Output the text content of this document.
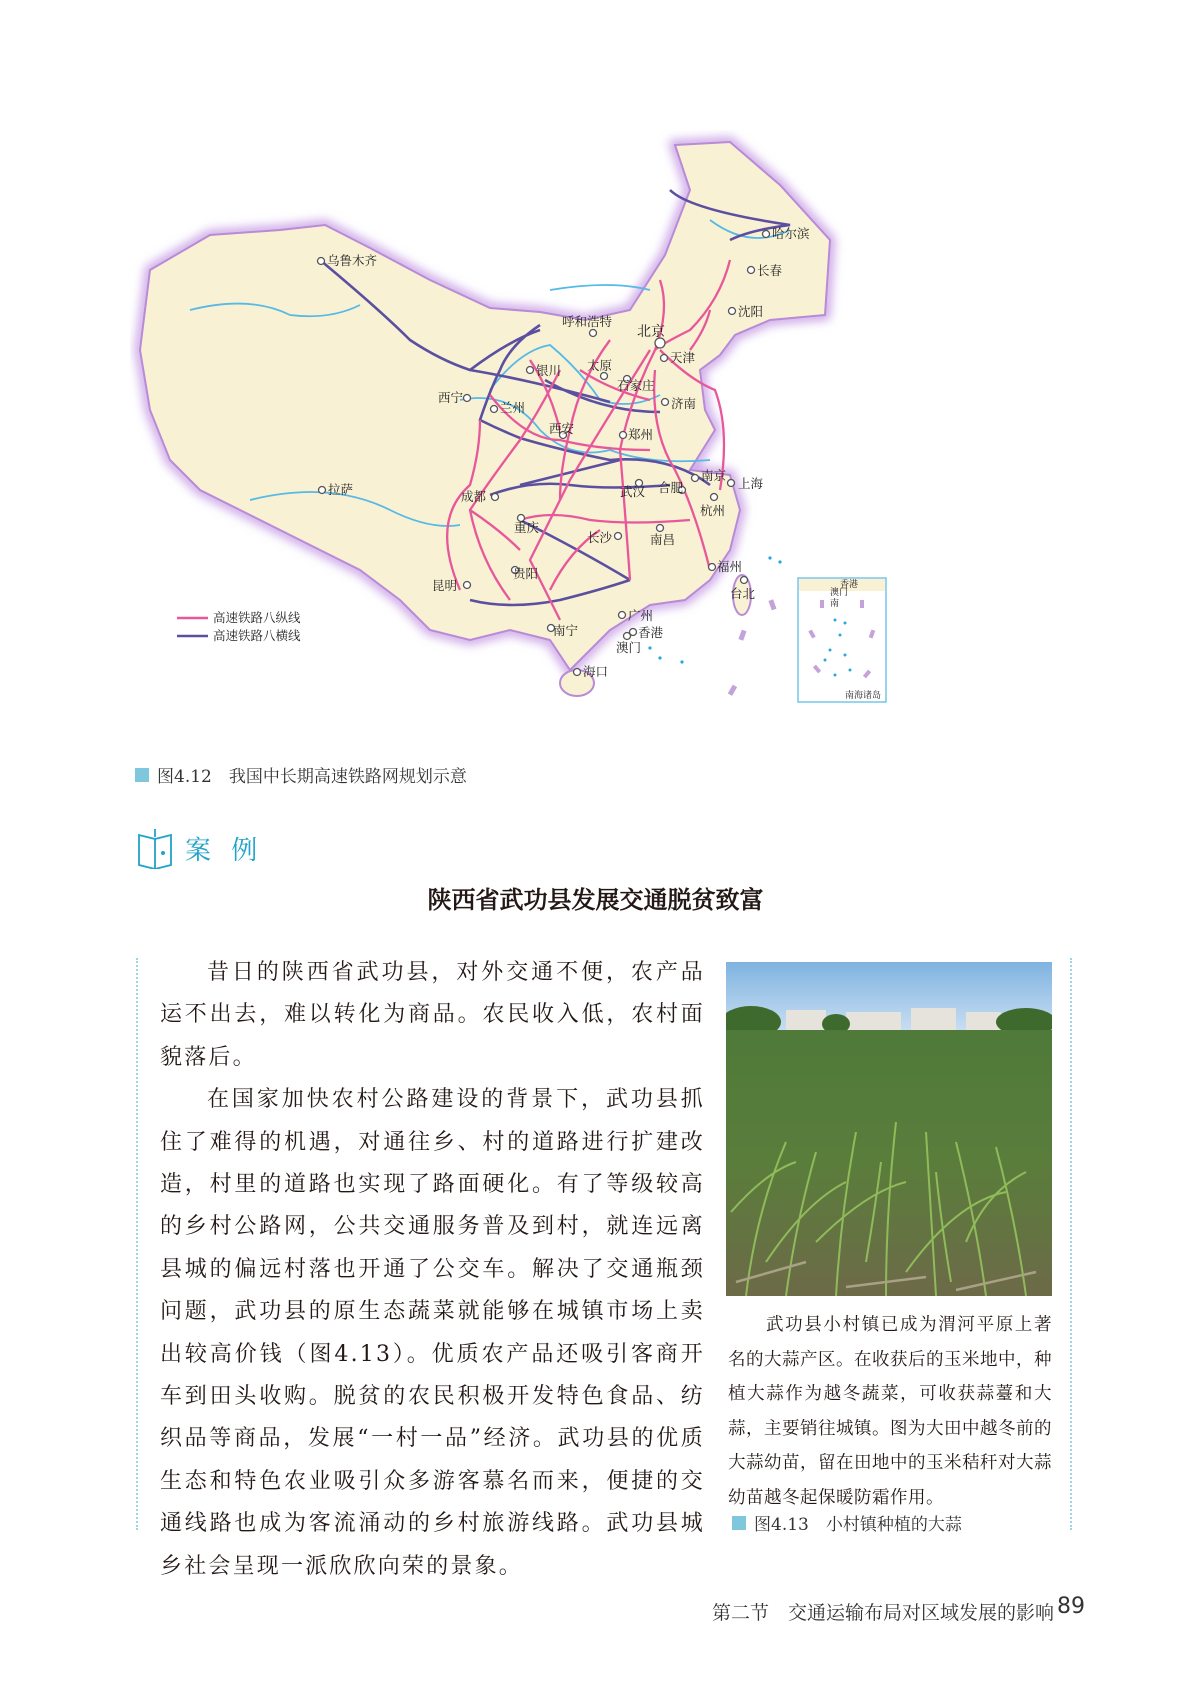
哈尔滨
长春
沈阳
乌鲁木齐
呼和浩特
北京
天津
太原
银川
石家庄
西宁
兰州	济南
西安	郑州
拉萨	成都
南京
上海
武汉 合肥
杭州
重庆
长沙	南昌
福州
贵阳
昆明
台北
广州
南宁	香港
澳门
海口
香港
澳门
南
南海诸岛
高速铁路八纵线
高速铁路八横线
图4.12　我国中长期高速铁路网规划示意
案 例
陕西省武功县发展交通脱贫致富

昔日的陕西省武功县，对外交通不便，农产品运不出去，难以转化为商品。农民收入低，农村面貌落后。

在国家加快农村公路建设的背景下，武功县抓住了难得的机遇，对通往乡、村的道路进行扩建改造，村里的道路也实现了路面硬化。有了等级较高的乡村公路网，公共交通服务普及到村，就连远离县城的偏远村落也开通了公交车。解决了交通瓶颈问题，武功县的原生态蔬菜就能够在城镇市场上卖出较高价钱（图4.13）。优质农产品还吸引客商开车到田头收购。脱贫的农民积极开发特色食品、纺织品等商品，发展“一村一品”经济。武功县的优质生态和特色农业吸引众多游客慕名而来，便捷的交通线路也成为客流涌动的乡村旅游线路。武功县城乡社会呈现一派欣欣向荣的景象。

武功县小村镇已成为渭河平原上著名的大蒜产区。在收获后的玉米地中，种植大蒜作为越冬蔬菜，可收获蒜薹和大蒜，主要销往城镇。图为大田中越冬前的大蒜幼苗，留在田地中的玉米秸秆对大蒜幼苗越冬起保暖防霜作用。
图4.13　小村镇种植的大蒜
第二节　交通运输布局对区域发展的影响 89
